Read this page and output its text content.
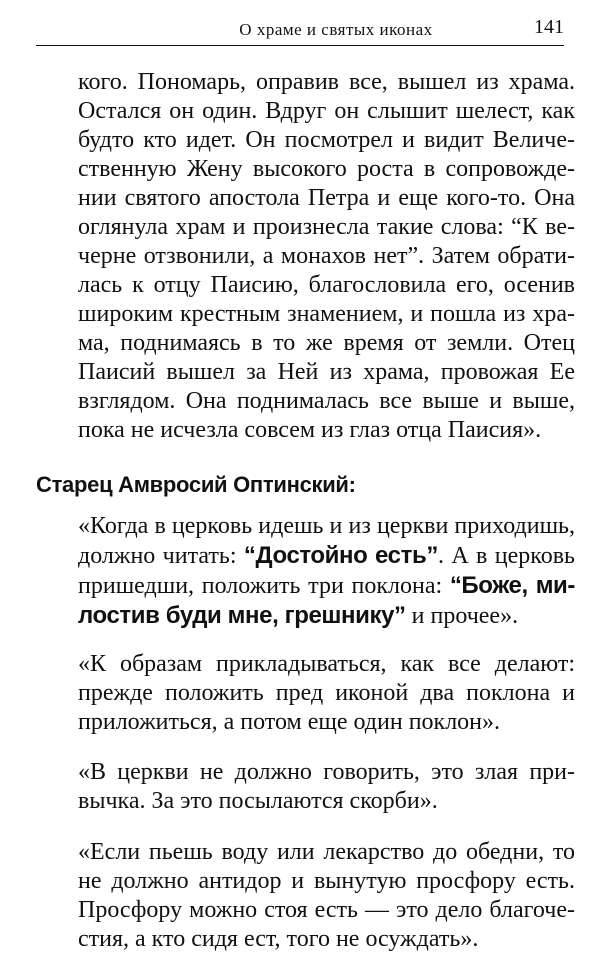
О храме и святых иконах	141
кого. Пономарь, оправив все, вышел из храма.
Остался он один. Вдруг он слышит шелест, как
будто кто идет. Он посмотрел и видит Величе-
ственную Жену высокого роста в сопровожде-
нии святого апостола Петра и еще кого-то. Она
оглянула храм и произнесла такие слова: “К ве-
черне отзвонили, а монахов нет”. Затем обрати-
лась к отцу Паисию, благословила его, осенив
широким крестным знамением, и пошла из хра-
ма, поднимаясь в то же время от земли. Отец
Паисий вышел за Ней из храма, провожая Ее
взглядом. Она поднималась все выше и выше,
пока не исчезла совсем из глаз отца Паисия».
Старец Амвросий Оптинский:
«Когда в церковь идешь и из церкви приходишь,
должно читать: “Достойно есть”. А в церковь
пришедши, положить три поклона: “Боже, ми-
лостив буди мне, грешнику” и прочее».
«К образам прикладываться, как все делают:
прежде положить пред иконой два поклона и
приложиться, а потом еще один поклон».
«В церкви не должно говорить, это злая при-
вычка. За это посылаются скорби».
«Если пьешь воду или лекарство до обедни, то
не должно антидор и вынутую просфору есть.
Просфору можно стоя есть — это дело благоче-
стия, а кто сидя ест, того не осуждать».
